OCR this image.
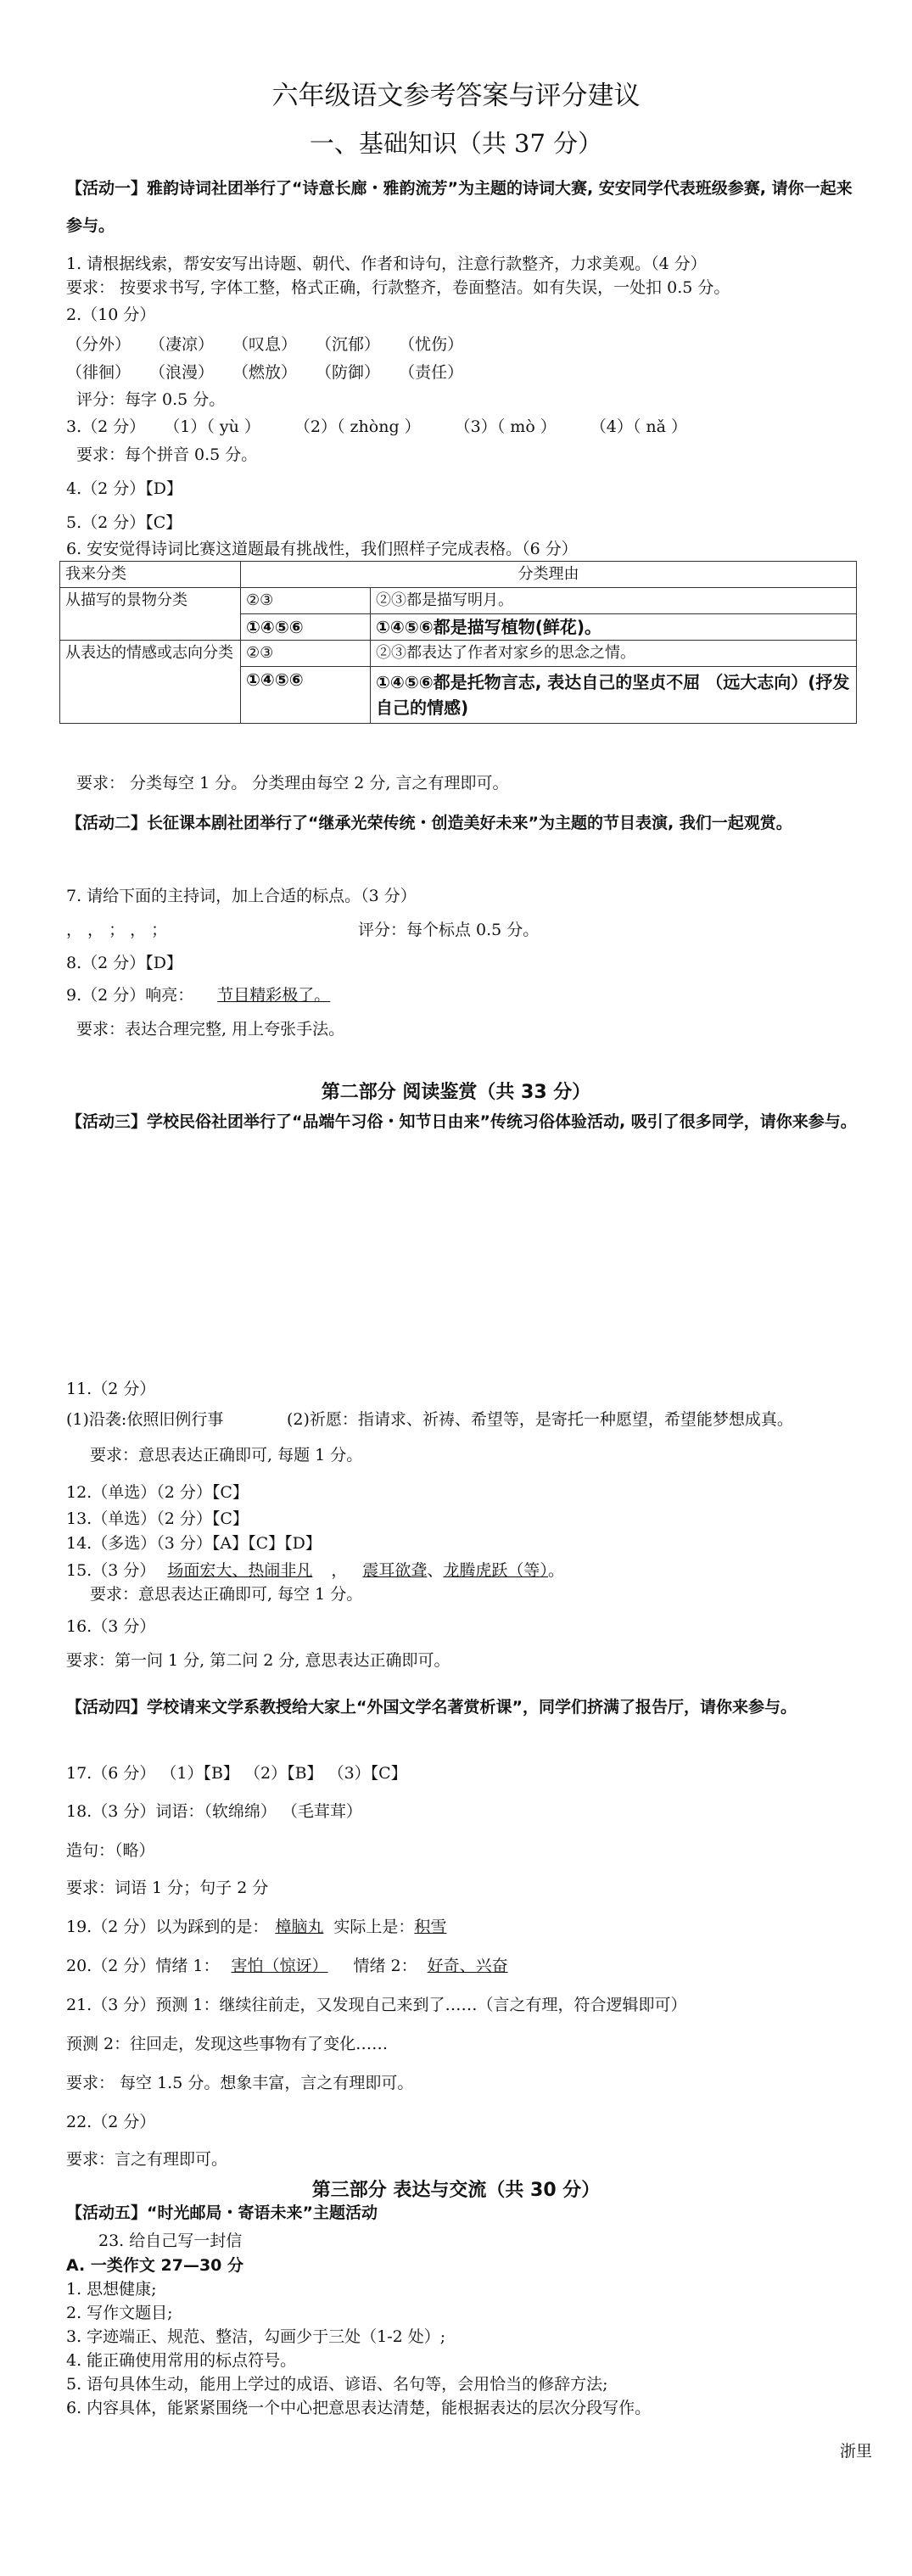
六年级语文参考答案与评分建议
一、基础知识（共 37 分）
【活动一】雅韵诗词社团举行了“诗意长廊・雅韵流芳”为主题的诗词大赛, 安安同学代表班级参赛, 请你一起来参与。
1. 请根据线索，帮安安写出诗题、朝代、作者和诗句，注意行款整齐，力求美观。（4 分）
要求： 按要求书写, 字体工整，格式正确，行款整齐，卷面整洁。如有失误，一处扣 0.5 分。
2.（10 分）
（分外） （凄凉） （叹息） （沉郁） （忧伤）
（徘徊） （浪漫） （燃放） （防御） （责任）
评分：每字 0.5 分。
3.（2 分） （1）（ yù ） （2）（ zhòng ） （3）（ mò ） （4）（ nǎ ）
要求：每个拼音 0.5 分。
4.（2 分）【D】
5.（2 分）【C】
6. 安安觉得诗词比赛这道题最有挑战性，我们照样子完成表格。（6 分）
我来分类	分类理由	
从描写的景物分类	②③	②③都是描写明月。
	①④⑤⑥	①④⑤⑥都是描写植物(鲜花)。
从表达的情感或志向分类	②③	②③都表达了作者对家乡的思念之情。
	①④⑤⑥	①④⑤⑥都是托物言志, 表达自己的坚贞不屈 （远大志向）(抒发自己的情感)
要求： 分类每空 1 分。 分类理由每空 2 分, 言之有理即可。
【活动二】长征课本剧社团举行了“继承光荣传统・创造美好未来”为主题的节目表演, 我们一起观赏。
7. 请给下面的主持词，加上合适的标点。（3 分）
， ， ； ， ；	评分：每个标点 0.5 分。
8.（2 分）【D】
9.（2 分）响亮： 节目精彩极了。
要求：表达合理完整, 用上夸张手法。
第二部分 阅读鉴赏（共 33 分）
【活动三】学校民俗社团举行了“品端午习俗・知节日由来”传统习俗体验活动, 吸引了很多同学，请你来参与。
11.（2 分）
(1)沿袭:依照旧例行事	(2)祈愿：指请求、祈祷、希望等，是寄托一种愿望，希望能梦想成真。
要求：意思表达正确即可, 每题 1 分。
12.（单选）（2 分）【C】
13.（单选）（2 分）【C】
14.（多选）（3 分）【A】【C】【D】
15.（3 分） 场面宏大、热闹非凡 ， 震耳欲聋、龙腾虎跃（等）。
要求：意思表达正确即可, 每空 1 分。
16.（3 分）
要求：第一问 1 分, 第二问 2 分, 意思表达正确即可。
【活动四】学校请来文学系教授给大家上“外国文学名著赏析课”，同学们挤满了报告厅，请你来参与。
17.（6 分） （1）【B】 （2）【B】 （3）【C】
18.（3 分）词语：（软绵绵） （毛茸茸）
造句：（略）
要求：词语 1 分；句子 2 分
19.（2 分）以为踩到的是： 樟脑丸 实际上是：积雪
20.（2 分）情绪 1： 害怕（惊讶） 情绪 2： 好奇、兴奋
21.（3 分）预测 1：继续往前走，又发现自己来到了……（言之有理，符合逻辑即可）
预测 2：往回走，发现这些事物有了变化……
要求： 每空 1.5 分。想象丰富，言之有理即可。
22.（2 分）
要求：言之有理即可。
第三部分 表达与交流（共 30 分）
【活动五】“时光邮局・寄语未来”主题活动
23. 给自己写一封信
A. 一类作文 27—30 分
1. 思想健康;
2. 写作文题目;
3. 字迹端正、规范、整洁，勾画少于三处（1-2 处）;
4. 能正确使用常用的标点符号。
5. 语句具体生动，能用上学过的成语、谚语、名句等，会用恰当的修辞方法;
6. 内容具体，能紧紧围绕一个中心把意思表达清楚，能根据表达的层次分段写作。
浙里
